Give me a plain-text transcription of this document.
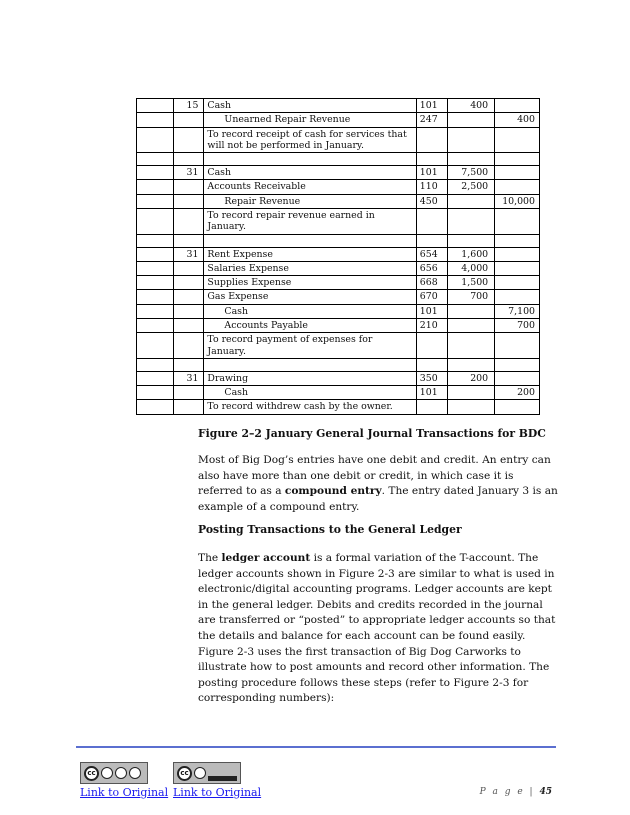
	15	Cash	101	400	
		Unearned Repair Revenue	247		400
		To record receipt of cash for services that will not be performed in January.			

	31	Cash	101	7,500	
		Accounts Receivable	110	2,500	
		Repair Revenue	450		10,000
		To record repair revenue earned in January.			

	31	Rent Expense	654	1,600	
		Salaries Expense	656	4,000	
		Supplies Expense	668	1,500	
		Gas Expense	670	700	
		Cash	101		7,100
		Accounts Payable	210		700
		To record payment of expenses for January.			

	31	Drawing	350	200	
		Cash	101		200
		To record withdrew cash by the owner.			
Figure 2–2 January General Journal Transactions for BDC
Most of Big Dog’s entries have one debit and credit. An entry can also have more than one debit or credit, in which case it is referred to as a compound entry. The entry dated January 3 is an example of a compound entry.
Posting Transactions to the General Ledger
The ledger account is a formal variation of the T-account. The ledger accounts shown in Figure 2-3 are similar to what is used in electronic/digital accounting programs. Ledger accounts are kept in the general ledger. Debits and credits recorded in the journal are transferred or “posted” to appropriate ledger accounts so that the details and balance for each account can be found easily. Figure 2-3 uses the first transaction of Big Dog Carworks to illustrate how to post amounts and record other information. The posting procedure follows these steps (refer to Figure 2-3 for corresponding numbers):
cc	cc
Link to Original Link to Original	P a g e | 45
